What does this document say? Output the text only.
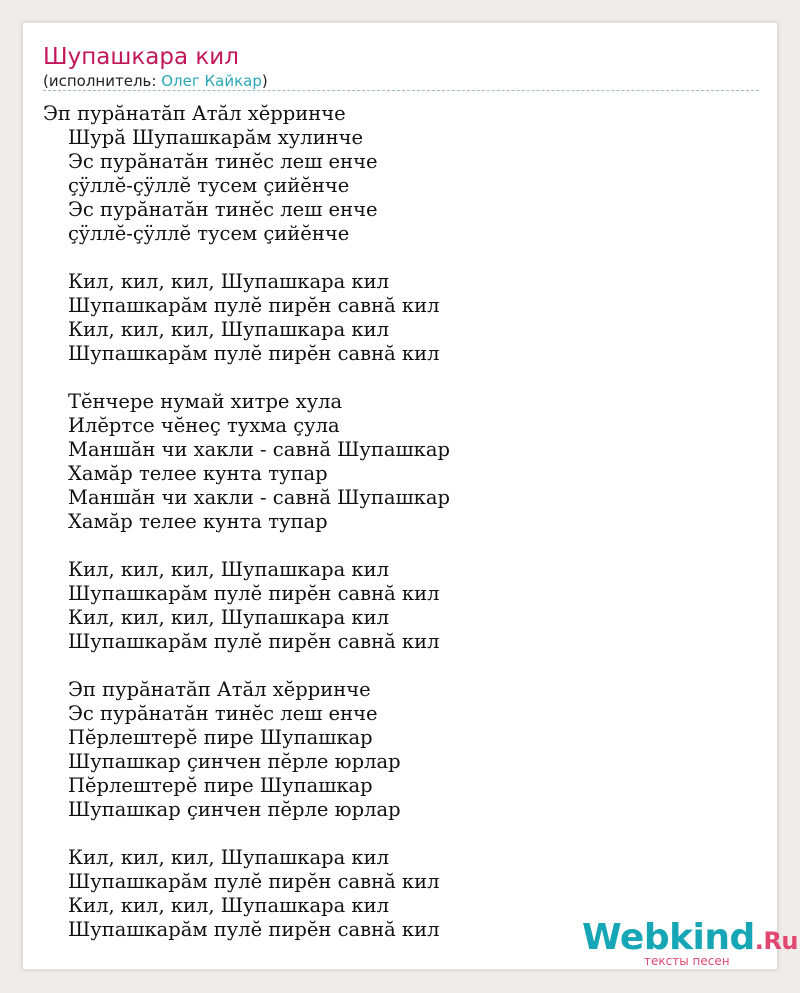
Шупашкара кил
(исполнитель: Олег Кайкар)
Эп пурăнатăп Атăл хĕрринче
Шурă Шупашкарăм хулинче
Эс пурăнатăн тинĕс леш енче
çÿллĕ-çÿллĕ тусем çийĕнче
Эс пурăнатăн тинĕс леш енче
çÿллĕ-çÿллĕ тусем çийĕнче
Кил, кил, кил, Шупашкара кил
Шупашкарăм пулĕ пирĕн савнă кил
Кил, кил, кил, Шупашкара кил
Шупашкарăм пулĕ пирĕн савнă кил
Тĕнчере нумай хитре хула
Илĕртсе чĕнеç тухма çула
Маншăн чи хакли - савнă Шупашкар
Хамăр телее кунта тупар
Маншăн чи хакли - савнă Шупашкар
Хамăр телее кунта тупар
Кил, кил, кил, Шупашкара кил
Шупашкарăм пулĕ пирĕн савнă кил
Кил, кил, кил, Шупашкара кил
Шупашкарăм пулĕ пирĕн савнă кил
Эп пурăнатăп Атăл хĕрринче
Эс пурăнатăн тинĕс леш енче
Пĕрлештерĕ пире Шупашкар
Шупашкар çинчен пĕрле юрлар
Пĕрлештерĕ пире Шупашкар
Шупашкар çинчен пĕрле юрлар
Кил, кил, кил, Шупашкара кил
Шупашкарăм пулĕ пирĕн савнă кил
Кил, кил, кил, Шупашкара кил
Шупашкарăм пулĕ пирĕн савнă кил	Webkind.Ru
тексты песен
